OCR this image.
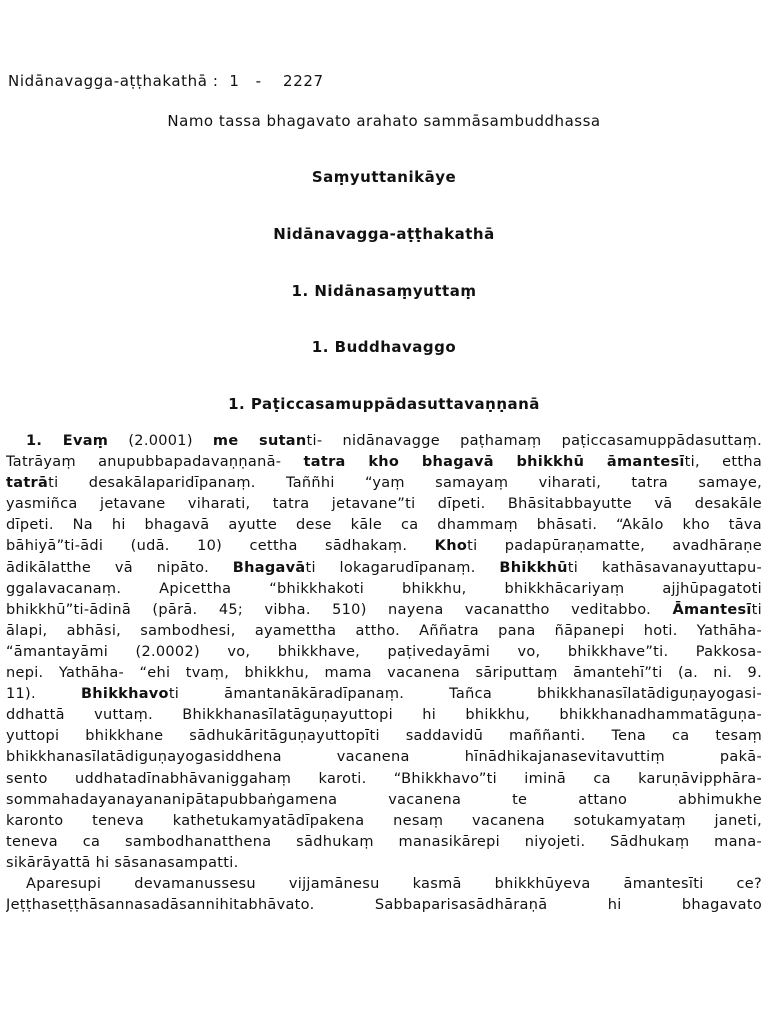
Nidānavagga-aṭṭhakathā :  1   -    2227
Namo tassa bhagavato arahato sammāsambuddhassa
Saṃyuttanikāye
Nidānavagga-aṭṭhakathā
1. Nidānasaṃyuttaṃ
1. Buddhavaggo
1. Paṭiccasamuppādasuttavaṇṇanā
1. Evaṃ (2.0001) me sutanti- nidānavagge paṭhamaṃ paṭiccasamuppādasuttaṃ.
Tatrāyaṃ anupubbapadavaṇṇanā- tatra kho bhagavā bhikkhū āmantesīti, ettha
tatrāti desakālaparidīpanaṃ. Taññhi “yaṃ samayaṃ viharati, tatra samaye,
yasmiñca jetavane viharati, tatra jetavane”ti dīpeti. Bhāsitabbayutte vā desakāle
dīpeti. Na hi bhagavā ayutte dese kāle ca dhammaṃ bhāsati. “Akālo kho tāva
bāhiyā”ti-ādi (udā. 10) cettha sādhakaṃ. Khoti padapūraṇamatte, avadhāraṇe
ādikālatthe vā nipāto. Bhagavāti lokagarudīpanaṃ. Bhikkhūti kathāsavanayuttapu-
ggalavacanaṃ. Apicettha “bhikkhakoti bhikkhu, bhikkhācariyaṃ ajjhūpagatoti
bhikkhū”ti-ādinā (pārā. 45; vibha. 510) nayena vacanattho veditabbo. Āmantesīti
ālapi, abhāsi, sambodhesi, ayamettha attho. Aññatra pana ñāpanepi hoti. Yathāha-
“āmantayāmi (2.0002) vo, bhikkhave, paṭivedayāmi vo, bhikkhave”ti. Pakkosa-
nepi. Yathāha- “ehi tvaṃ, bhikkhu, mama vacanena sāriputtaṃ āmantehī”ti (a. ni. 9.
11). Bhikkhavoti āmantanākāradīpanaṃ. Tañca bhikkhanasīlatādiguṇayogasi-
ddhattā vuttaṃ. Bhikkhanasīlatāguṇayuttopi hi bhikkhu, bhikkhanadhammatāguṇa-
yuttopi bhikkhane sādhukāritāguṇayuttopīti saddavidū maññanti. Tena ca tesaṃ
bhikkhanasīlatādiguṇayogasiddhena vacanena hīnādhikajanasevitavuttiṃ pakā-
sento uddhatadīnabhāvaniggahaṃ karoti. “Bhikkhavo”ti iminā ca karuṇāvipphāra-
sommahadayanayananipātapubbaṅgamena vacanena te attano abhimukhe
karonto teneva kathetukamyatādīpakena nesaṃ vacanena sotukamyataṃ janeti,
teneva ca sambodhanatthena sādhukaṃ manasikārepi niyojeti. Sādhukaṃ mana-
sikārāyattā hi sāsanasampatti.
Aparesupi devamanussesu vijjamānesu kasmā bhikkhūyeva āmantesīti ce?
Jeṭṭhaseṭṭhāsannasadāsannihitabhāvato. Sabbaparisasādhāraṇā hi bhagavato
